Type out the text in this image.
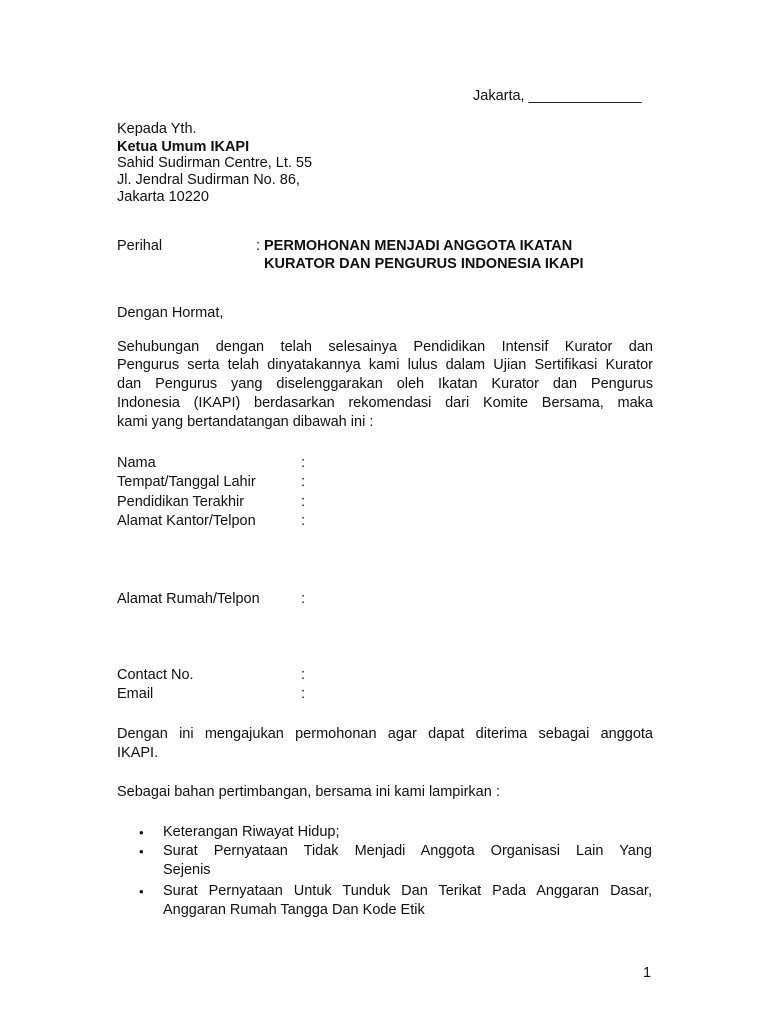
Jakarta, ______________
Kepada Yth.
Ketua Umum IKAPI
Sahid Sudirman Centre, Lt. 55
Jl. Jendral Sudirman No. 86,
Jakarta 10220
Perihal	: PERMOHONAN MENJADI ANGGOTA IKATAN
KURATOR DAN PENGURUS INDONESIA IKAPI
Dengan Hormat,
Sehubungan dengan telah selesainya Pendidikan Intensif Kurator dan
Pengurus serta telah dinyatakannya kami lulus dalam Ujian Sertifikasi Kurator
dan Pengurus yang diselenggarakan oleh Ikatan Kurator dan Pengurus
Indonesia (IKAPI) berdasarkan rekomendasi dari Komite Bersama, maka
kami yang bertandatangan dibawah ini :
Nama	:
Tempat/Tanggal Lahir	:
Pendidikan Terakhir	:
Alamat Kantor/Telpon	:
Alamat Rumah/Telpon	:
Contact No.	:
Email	:
Dengan ini mengajukan permohonan agar dapat diterima sebagai anggota
IKAPI.
Sebagai bahan pertimbangan, bersama ini kami lampirkan :
• Keterangan Riwayat Hidup;
• Surat Pernyataan Tidak Menjadi Anggota Organisasi Lain Yang
Sejenis
• Surat Pernyataan Untuk Tunduk Dan Terikat Pada Anggaran Dasar,
Anggaran Rumah Tangga Dan Kode Etik
1
